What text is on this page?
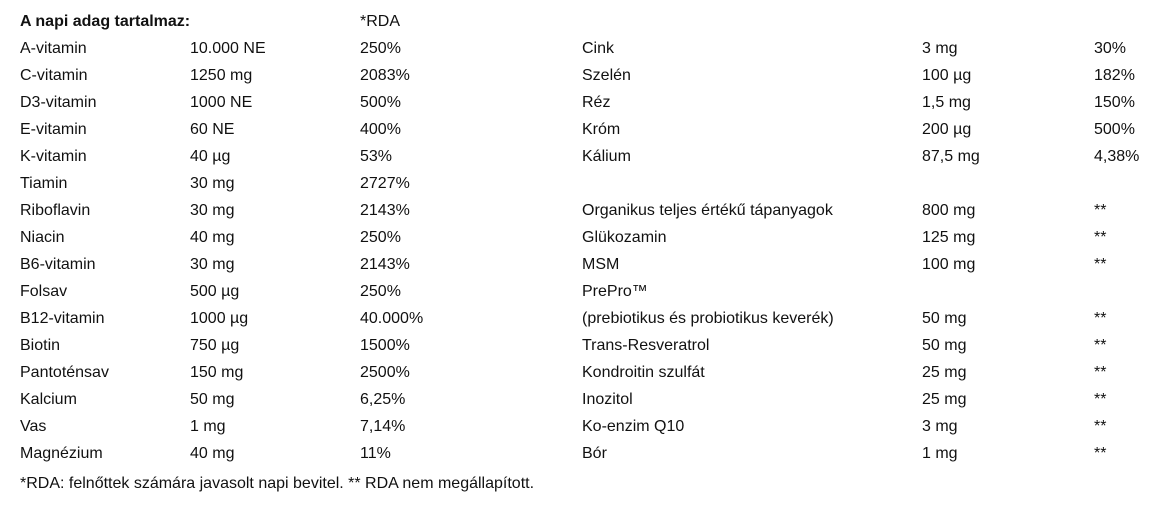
A napi adag tartalmaz:	*RDA
A-vitamin	10.000 NE	250%	Cink	3 mg	30%
C-vitamin	1250 mg	2083%	Szelén	100 µg	182%
D3-vitamin	1000 NE	500%	Réz	1,5 mg	150%
E-vitamin	60 NE	400%	Króm	200 µg	500%
K-vitamin	40 µg	53%	Kálium	87,5 mg	4,38%
Tiamin	30 mg	2727%
Riboflavin	30 mg	2143%	Organikus teljes értékű tápanyagok	800 mg	**
Niacin	40 mg	250%	Glükozamin	125 mg	**
B6-vitamin	30 mg	2143%	MSM	100 mg	**
Folsav	500 µg	250%	PrePro™
B12-vitamin	1000 µg	40.000%	(prebiotikus és probiotikus keverék)	50 mg	**
Biotin	750 µg	1500%	Trans-Resveratrol	50 mg	**
Pantoténsav	150 mg	2500%	Kondroitin szulfát	25 mg	**
Kalcium	50 mg	6,25%	Inozitol	25 mg	**
Vas	1 mg	7,14%	Ko-enzim Q10	3 mg	**
Magnézium	40 mg	11%	Bór	1 mg	**
*RDA: felnőttek számára javasolt napi bevitel. ** RDA nem megállapított.
